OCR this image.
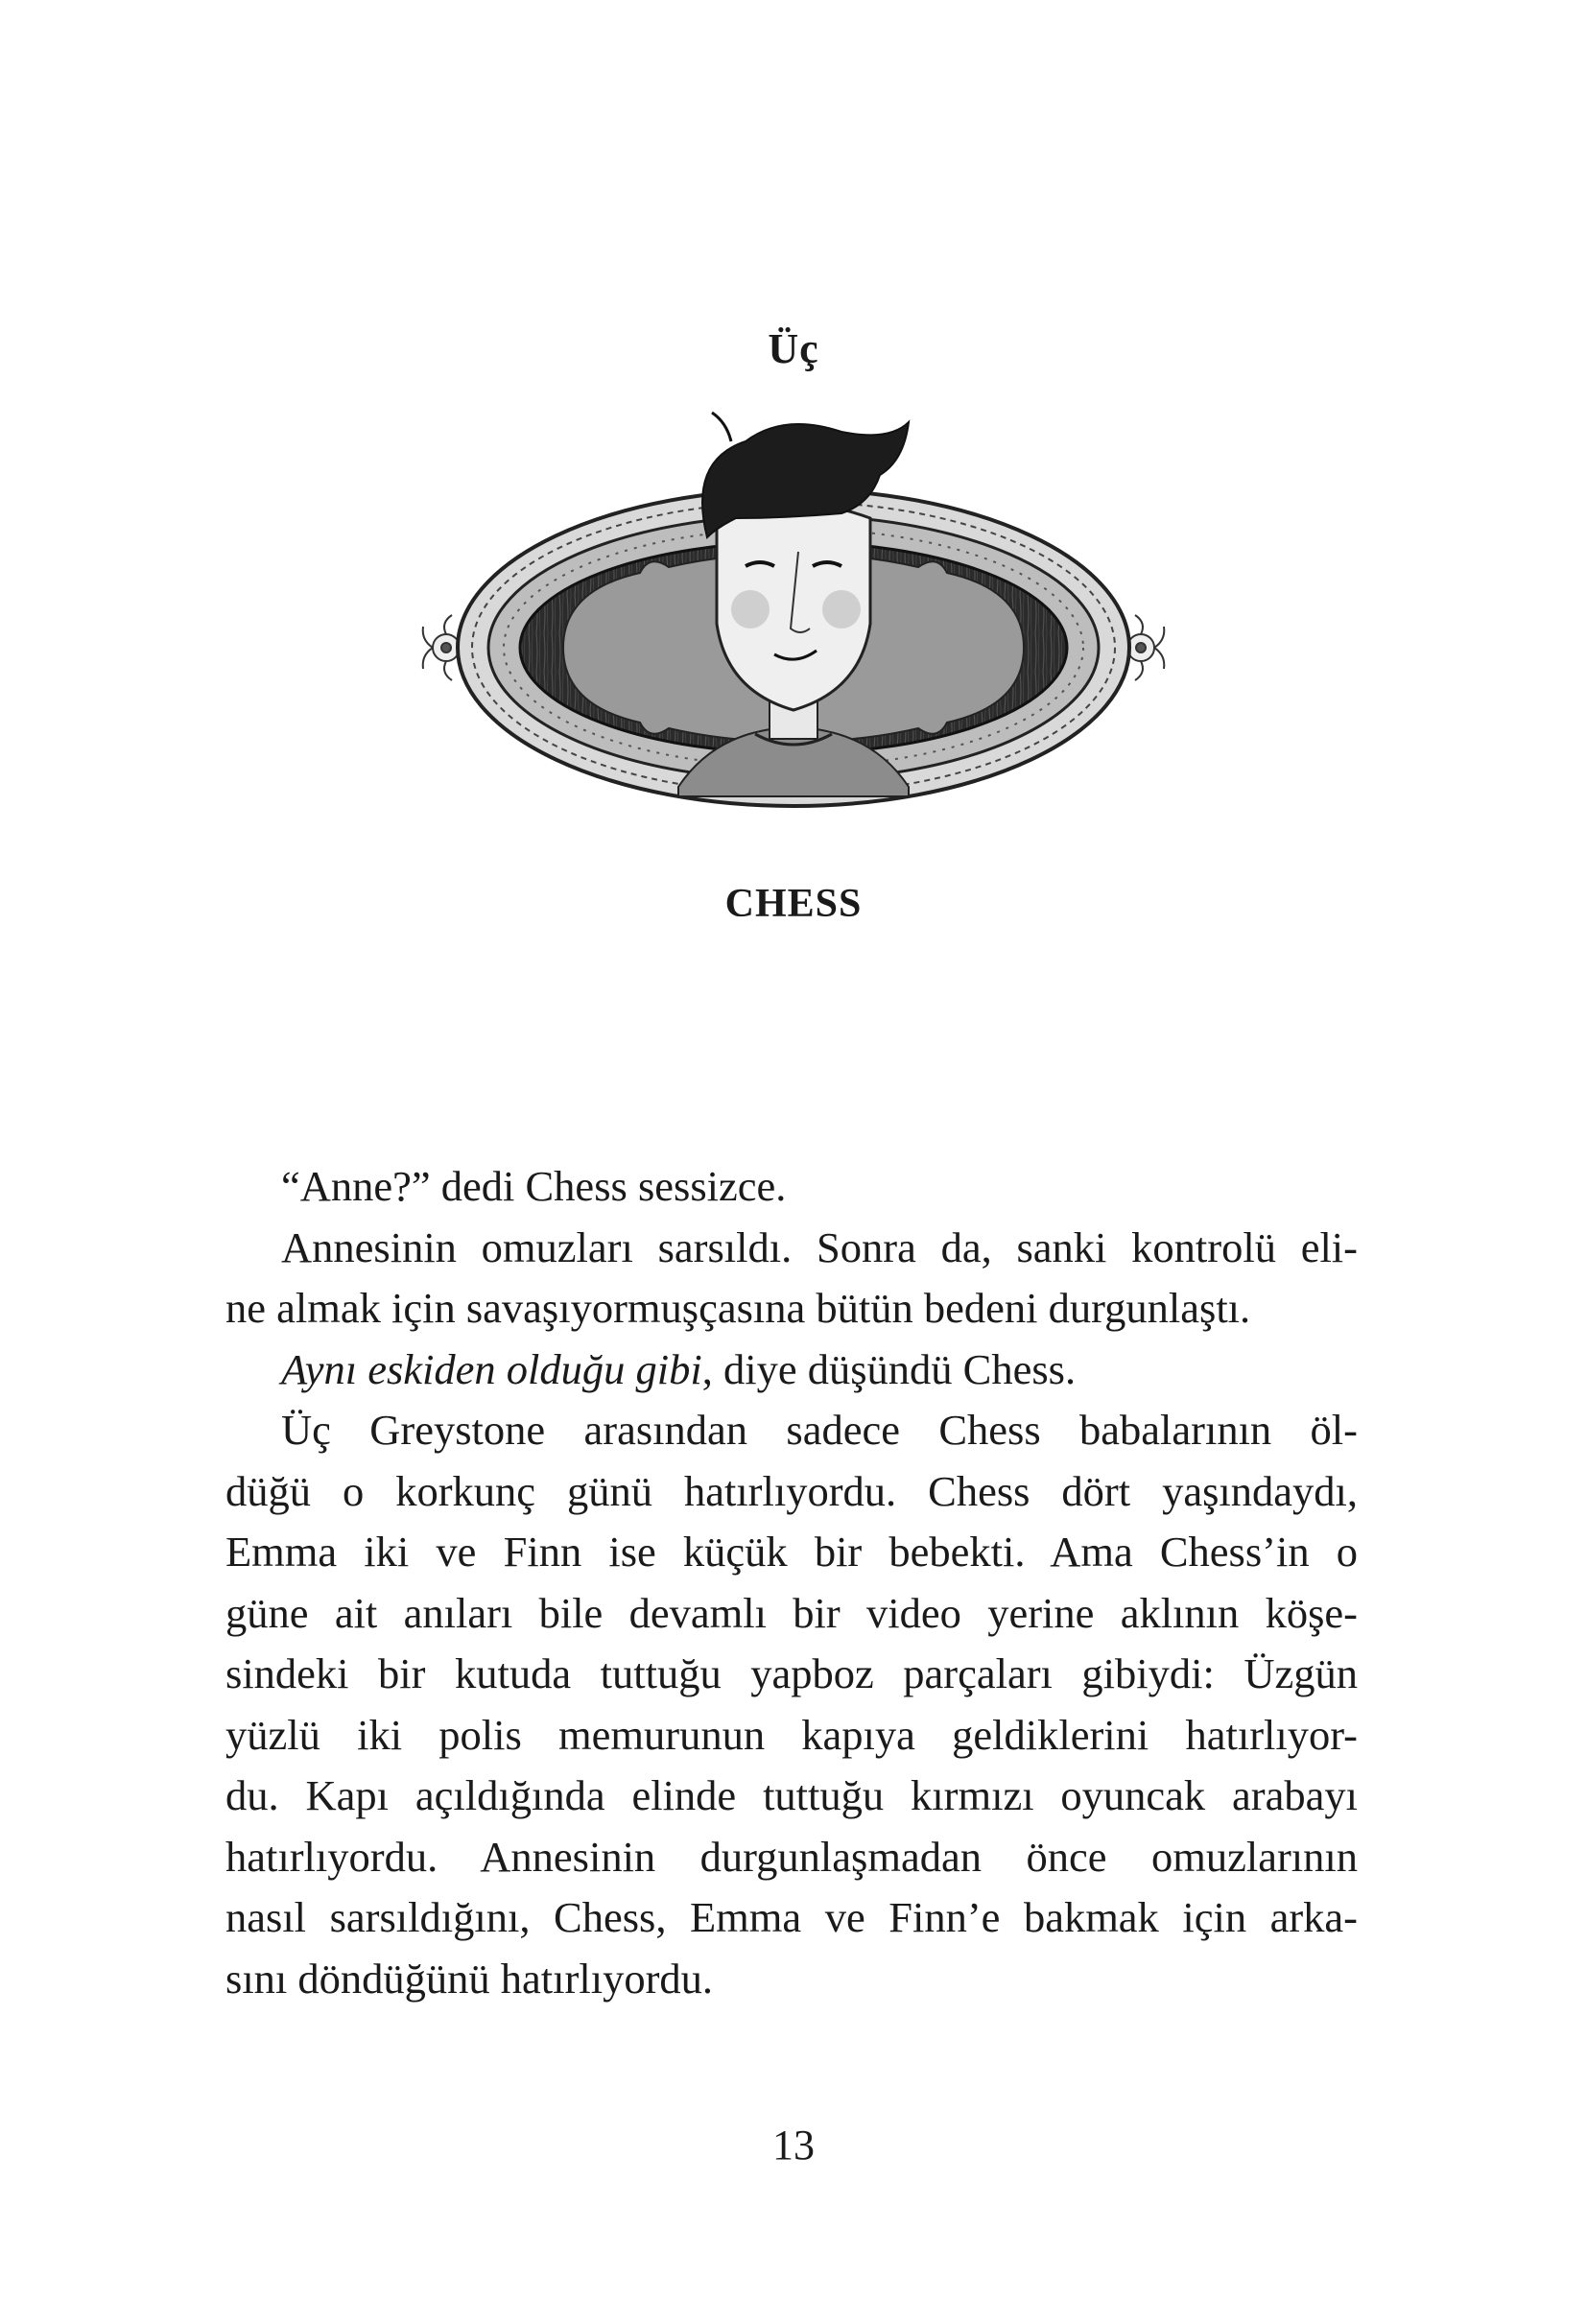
Üç
CHESS

“Anne?” dedi Chess sessizce.

Annesinin omuzları sarsıldı. Sonra da, sanki kontrolü eli-
ne almak için savaşıyormuşçasına bütün bedeni durgunlaştı.

Aynı eskiden olduğu gibi, diye düşündü Chess.

Üç Greystone arasından sadece Chess babalarının öl-
düğü o korkunç günü hatırlıyordu. Chess dört yaşındaydı,
Emma iki ve Finn ise küçük bir bebekti. Ama Chess’in o
güne ait anıları bile devamlı bir video yerine aklının köşe-
sindeki bir kutuda tuttuğu yapboz parçaları gibiydi: Üzgün
yüzlü iki polis memurunun kapıya geldiklerini hatırlıyor-
du. Kapı açıldığında elinde tuttuğu kırmızı oyuncak arabayı
hatırlıyordu. Annesinin durgunlaşmadan önce omuzlarının
nasıl sarsıldığını, Chess, Emma ve Finn’e bakmak için arka-
sını döndüğünü hatırlıyordu.

13
